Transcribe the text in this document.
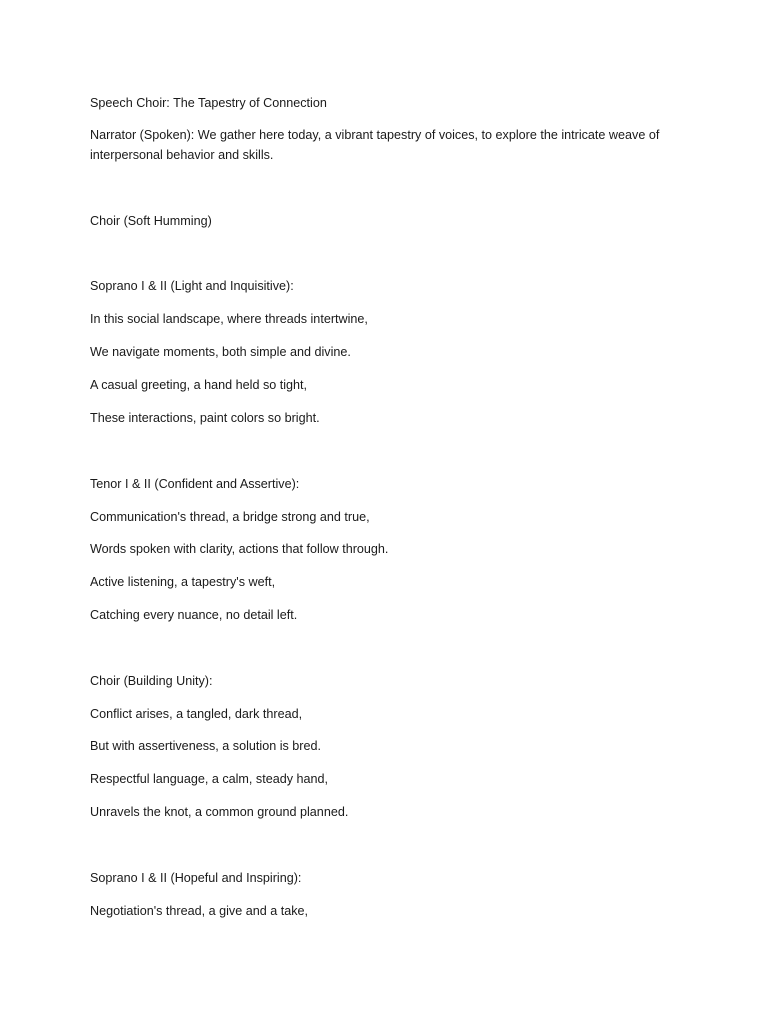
Speech Choir: The Tapestry of Connection

Narrator (Spoken): We gather here today, a vibrant tapestry of voices, to explore the intricate weave of interpersonal behavior and skills.

Choir (Soft Humming)

Soprano I & II (Light and Inquisitive):

In this social landscape, where threads intertwine,

We navigate moments, both simple and divine.

A casual greeting, a hand held so tight,

These interactions, paint colors so bright.

Tenor I & II (Confident and Assertive):

Communication's thread, a bridge strong and true,

Words spoken with clarity, actions that follow through.

Active listening, a tapestry's weft,

Catching every nuance, no detail left.

Choir (Building Unity):

Conflict arises, a tangled, dark thread,

But with assertiveness, a solution is bred.

Respectful language, a calm, steady hand,

Unravels the knot, a common ground planned.

Soprano I & II (Hopeful and Inspiring):

Negotiation's thread, a give and a take,
